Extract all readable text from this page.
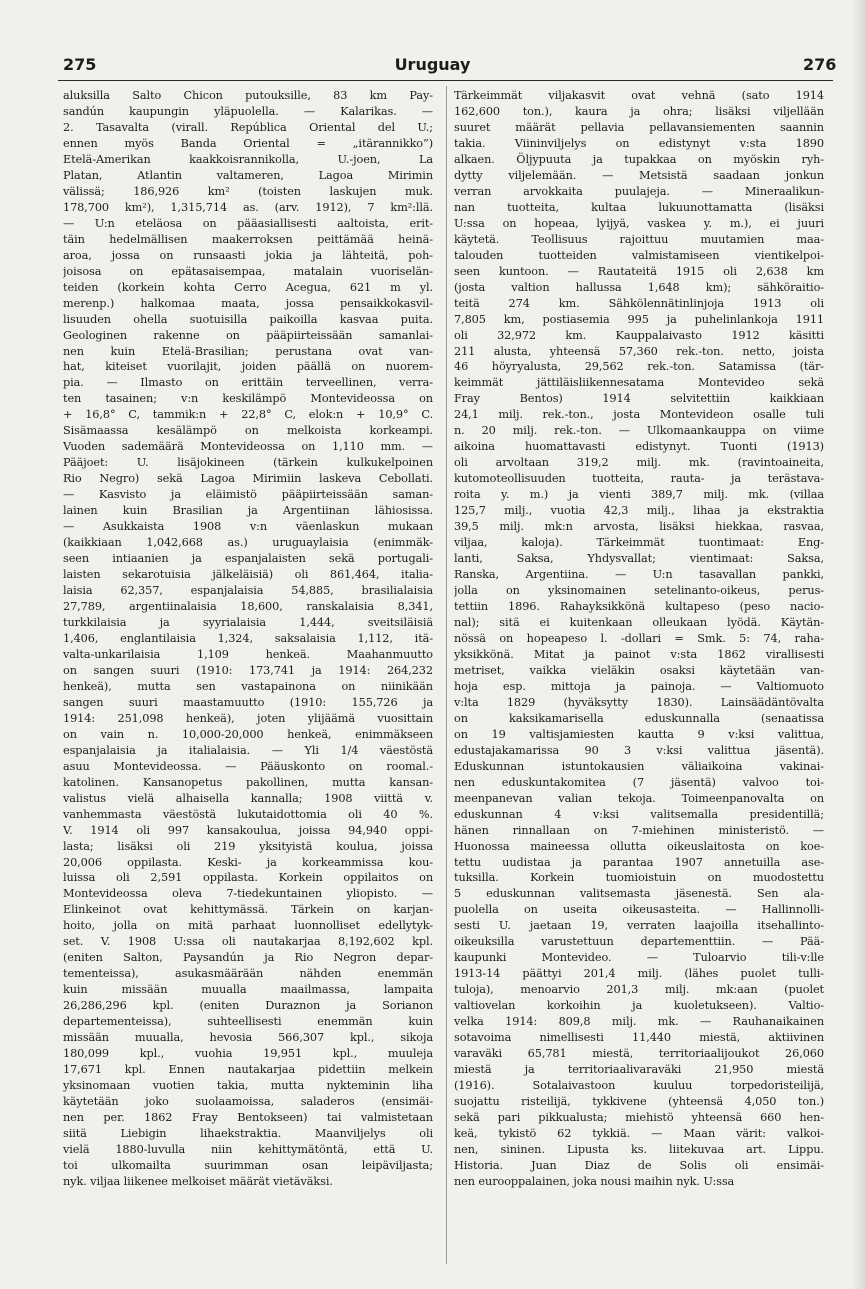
275	Uruguay	276
aluksilla Salto Chicon putouksille, 83 km Pay-
sandún kaupungin yläpuolella. — Kalarikas. —
2. Tasavalta (virall. República Oriental del U.;
ennen myös Banda Oriental = „itärannikko”)
Etelä-Amerikan kaakkoisrannikolla, U.-joen, La
Platan, Atlantin valtameren, Lagoa Mirimin
välissä; 186,926 km² (toisten laskujen muk.
178,700 km²), 1,315,714 as. (arv. 1912), 7 km²:llä.
— U:n eteläosa on pääasiallisesti aaltoista, erit-
täin hedelmällisen maakerroksen peittämää heinä-
aroa, jossa on runsaasti jokia ja lähteitä, poh-
joisosa on epätasaisempaa, matalain vuoriselän-
teiden (korkein kohta Cerro Acegua, 621 m yl.
merenp.) halkomaa maata, jossa pensaikkokasvil-
lisuuden ohella suotuisilla paikoilla kasvaa puita.
Geologinen rakenne on pääpiirteissään samanlai-
nen kuin Etelä-Brasilian; perustana ovat van-
hat, kiteiset vuorilajit, joiden päällä on nuorem-
pia. — Ilmasto on erittäin terveellinen, verra-
ten tasainen; v:n keskilämpö Montevideossa on
+ 16,8° C, tammik:n + 22,8° C, elok:n + 10,9° C.
Sisämaassa kesälämpö on melkoista korkeampi.
Vuoden sademäärä Montevideossa on 1,110 mm. —
Pääjoet: U. lisäjokineen (tärkein kulkukelpoinen
Rio Negro) sekä Lagoa Mirimiin laskeva Cebollati.
— Kasvisto ja eläimistö pääpiirteissään saman-
lainen kuin Brasilian ja Argentiinan lähiosissa.
— Asukkaista 1908 v:n väenlaskun mukaan
(kaikkiaan 1,042,668 as.) uruguaylaisia (enimmäk-
seen intiaanien ja espanjalaisten sekä portugali-
laisten sekarotuisia jälkeläisiä) oli 861,464, italia-
laisia 62,357, espanjalaisia 54,885, brasilialaisia
27,789, argentiinalaisia 18,600, ranskalaisia 8,341,
turkkilaisia ja syyrialaisia 1,444, sveitsiläisiä
1,406, englantilaisia 1,324, saksalaisia 1,112, itä-
valta-unkarilaisia 1,109 henkeä. Maahanmuutto
on sangen suuri (1910: 173,741 ja 1914: 264,232
henkeä), mutta sen vastapainona on niinikään
sangen suuri maastamuutto (1910: 155,726 ja
1914: 251,098 henkeä), joten ylijäämä vuosittain
on vain n. 10,000-20,000 henkeä, enimmäkseen
espanjalaisia ja italialaisia. — Yli 1/4 väestöstä
asuu Montevideossa. — Pääuskonto on roomal.-
katolinen. Kansanopetus pakollinen, mutta kansan-
valistus vielä alhaisella kannalla; 1908 viittä v.
vanhemmasta väestöstä lukutaidottomia oli 40 %.
V. 1914 oli 997 kansakoulua, joissa 94,940 oppi-
lasta; lisäksi oli 219 yksityistä koulua, joissa
20,006 oppilasta. Keski- ja korkeammissa kou-
luissa oli 2,591 oppilasta. Korkein oppilaitos on
Montevideossa oleva 7-tiedekuntainen yliopisto. —
Elinkeinot ovat kehittymässä. Tärkein on karjan-
hoito, jolla on mitä parhaat luonnolliset edellytyk-
set. V. 1908 U:ssa oli nautakarjaa 8,192,602 kpl.
(eniten Salton, Paysandún ja Rio Negron depar-
tementeissa), asukasmäärään nähden enemmän
kuin missään muualla maailmassa, lampaita
26,286,296 kpl. (eniten Duraznon ja Sorianon
departementeissa), suhteellisesti enemmän kuin
missään muualla, hevosia 566,307 kpl., sikoja
180,099 kpl., vuohia 19,951 kpl., muuleja
17,671 kpl. Ennen nautakarjaa pidettiin melkein
yksinomaan vuotien takia, mutta nykteminin liha
käytetään joko suolaamoissa, saladeros (ensimäi-
nen per. 1862 Fray Bentokseen) tai valmistetaan
siitä Liebigin lihaekstraktia. Maanviljelys oli
vielä 1880-luvulla niin kehittymätöntä, että U.
toi ulkomailta suurimman osan leipäviljasta;
nyk. viljaa liikenee melkoiset määrät vietäväksi.
Tärkeimmät viljakasvit ovat vehnä (sato 1914
162,600 ton.), kaura ja ohra; lisäksi viljellään
suuret määrät pellavia pellavansiementen saannin
takia. Viininviljelys on edistynyt v:sta 1890
alkaen. Öljypuuta ja tupakkaa on myöskin ryh-
dytty viljelemään. — Metsistä saadaan jonkun
verran arvokkaita puulajeja. — Mineraalikun-
nan tuotteita, kultaa lukuunottamatta (lisäksi
U:ssa on hopeaa, lyijyä, vaskea y. m.), ei juuri
käytetä. Teollisuus rajoittuu muutamien maa-
talouden tuotteiden valmistamiseen vientikelpoi-
seen kuntoon. — Rautateitä 1915 oli 2,638 km
(josta valtion hallussa 1,648 km); sähköraitio-
teitä 274 km. Sähkölennätinlinjoja 1913 oli
7,805 km, postiasemia 995 ja puhelinlankoja 1911
oli 32,972 km. Kauppalaivasto 1912 käsitti
211 alusta, yhteensä 57,360 rek.-ton. netto, joista
46 höyryalusta, 29,562 rek.-ton. Satamissa (tär-
keimmät jättiläisliikennesatama Montevideo sekä
Fray Bentos) 1914 selvitettiin kaikkiaan
24,1 milj. rek.-ton., josta Montevideon osalle tuli
n. 20 milj. rek.-ton. — Ulkomaankauppa on viime
aikoina huomattavasti edistynyt. Tuonti (1913)
oli arvoltaan 319,2 milj. mk. (ravintoaineita,
kutomoteollisuuden tuotteita, rauta- ja terästava-
roita y. m.) ja vienti 389,7 milj. mk. (villaa
125,7 milj., vuotia 42,3 milj., lihaa ja ekstraktia
39,5 milj. mk:n arvosta, lisäksi hiekkaa, rasvaa,
viljaa, kaloja). Tärkeimmät tuontimaat: Eng-
lanti, Saksa, Yhdysvallat; vientimaat: Saksa,
Ranska, Argentiina. — U:n tasavallan pankki,
jolla on yksinomainen setelinanto-oikeus, perus-
tettiin 1896. Rahayksikkönä kultapeso (peso nacio-
nal); sitä ei kuitenkaan olleukaan lyödä. Käytän-
nössä on hopeapeso l. -dollari = Smk. 5: 74, raha-
yksikkönä. Mitat ja painot v:sta 1862 virallisesti
metriset, vaikka vieläkin osaksi käytetään van-
hoja esp. mittoja ja painoja. — Valtiomuoto
v:lta 1829 (hyväksytty 1830). Lainsäädäntövalta
on kaksikamarisella eduskunnalla (senaatissa
on 19 valtisjamiesten kautta 9 v:ksi valittua,
edustajakamarissa 90 3 v:ksi valittua jäsentä).
Eduskunnan istuntokausien väliaikoina vakinai-
nen eduskuntakomitea (7 jäsentä) valvoo toi-
meenpanevan valian tekoja. Toimeenpanovalta on
eduskunnan 4 v:ksi valitsemalla presidentillä;
hänen rinnallaan on 7-miehinen ministeristö. —
Huonossa maineessa ollutta oikeuslaitosta on koe-
tettu uudistaa ja parantaa 1907 annetuilla ase-
tuksilla. Korkein tuomioistuin on muodostettu
5 eduskunnan valitsemasta jäsenestä. Sen ala-
puolella on useita oikeusasteita. — Hallinnolli-
sesti U. jaetaan 19, verraten laajoilla itsehallinto-
oikeuksilla varustettuun departementtiin. — Pää-
kaupunki Montevideo. — Tuloarvio tili-v:lle
1913-14 päättyi 201,4 milj. (lähes puolet tulli-
tuloja), menoarvio 201,3 milj. mk:aan (puolet
valtiovelan korkoihin ja kuoletukseen). Valtio-
velka 1914: 809,8 milj. mk. — Rauhanaikainen
sotavoima nimellisesti 11,440 miestä, aktiivinen
varaväki 65,781 miestä, territoriaalijoukot 26,060
miestä ja territoriaalivaraväki 21,950 miestä
(1916). Sotalaivastoon kuuluu torpedoristeilijä,
suojattu risteilijä, tykkivene (yhteensä 4,050 ton.)
sekä pari pikkualusta; miehistö yhteensä 660 hen-
keä, tykistö 62 tykkiä. — Maan värit: valkoi-
nen, sininen. Lipusta ks. liitekuvaa art. Lippu.
Historia. Juan Diaz de Solis oli ensimäi-
nen eurooppalainen, joka nousi maihin nyk. U:ssa
